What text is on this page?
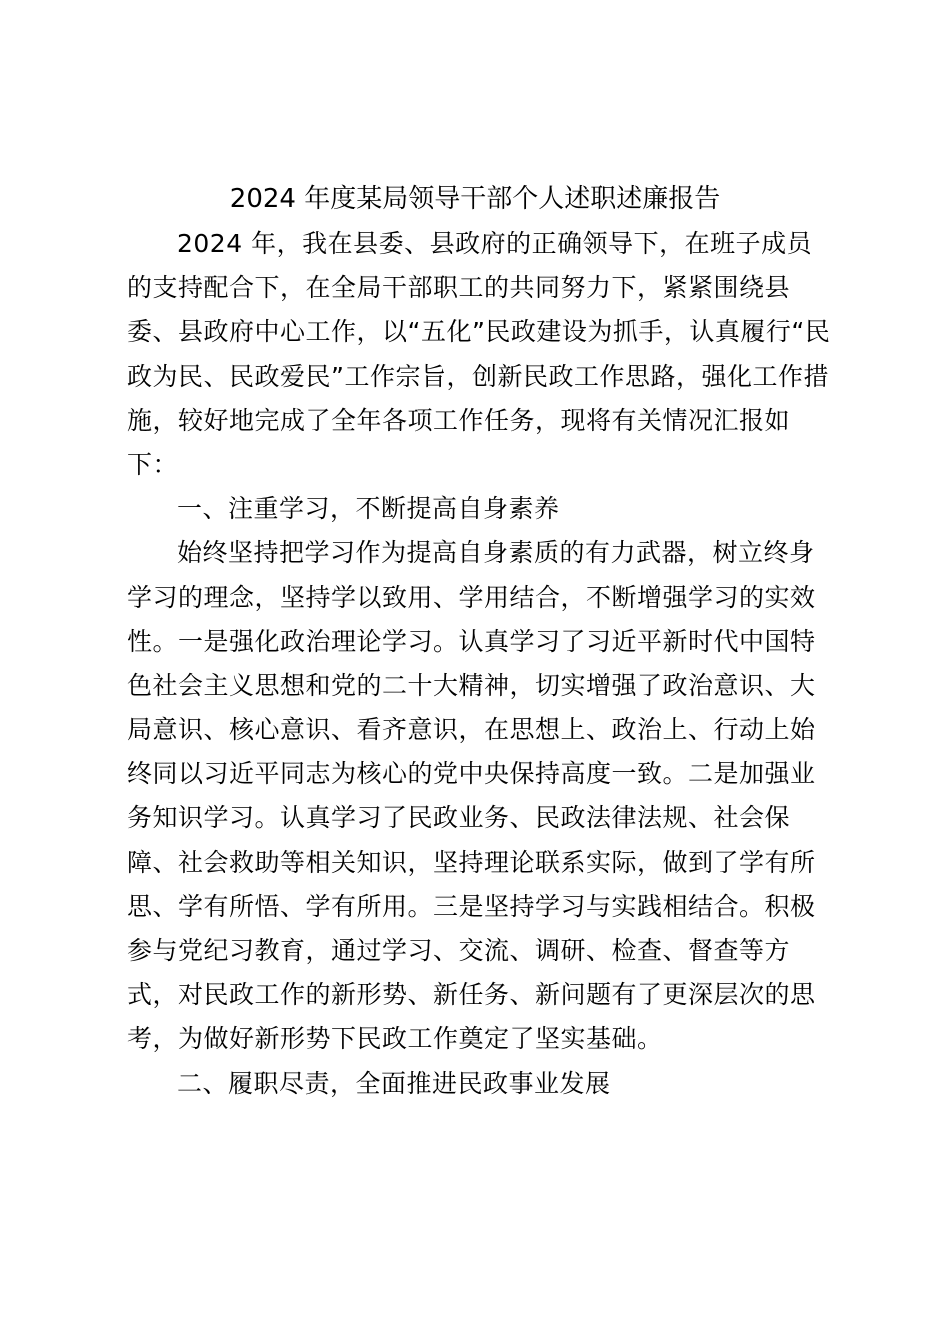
2024 年度某局领导干部个人述职述廉报告
2024 年，我在县委、县政府的正确领导下，在班子成员
的支持配合下，在全局干部职工的共同努力下，紧紧围绕县
委、县政府中心工作，以“五化”民政建设为抓手，认真履行“民
政为民、民政爱民”工作宗旨，创新民政工作思路，强化工作措
施，较好地完成了全年各项工作任务，现将有关情况汇报如
下：
一、注重学习，不断提高自身素养
始终坚持把学习作为提高自身素质的有力武器，树立终身
学习的理念，坚持学以致用、学用结合，不断增强学习的实效
性。一是强化政治理论学习。认真学习了习近平新时代中国特
色社会主义思想和党的二十大精神，切实增强了政治意识、大
局意识、核心意识、看齐意识，在思想上、政治上、行动上始
终同以习近平同志为核心的党中央保持高度一致。二是加强业
务知识学习。认真学习了民政业务、民政法律法规、社会保
障、社会救助等相关知识，坚持理论联系实际，做到了学有所
思、学有所悟、学有所用。三是坚持学习与实践相结合。积极
参与党纪习教育，通过学习、交流、调研、检查、督查等方
式，对民政工作的新形势、新任务、新问题有了更深层次的思
考，为做好新形势下民政工作奠定了坚实基础。
二、履职尽责，全面推进民政事业发展
